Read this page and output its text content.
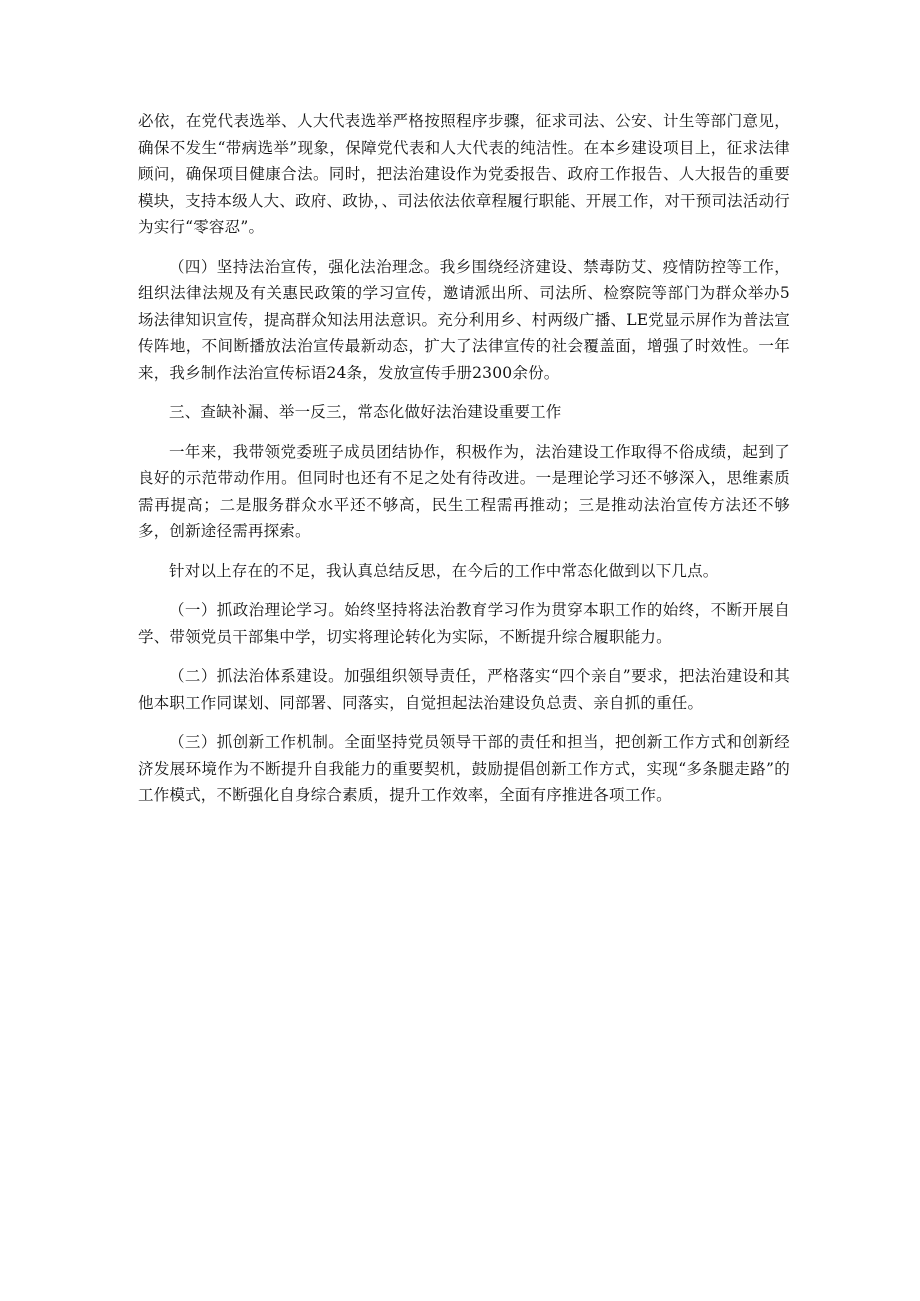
必依，在党代表选举、人大代表选举严格按照程序步骤，征求司法、公安、计生等部门意见，确保不发生“带病选举”现象，保障党代表和人大代表的纯洁性。在本乡建设项目上，征求法律顾问，确保项目健康合法。同时，把法治建设作为党委报告、政府工作报告、人大报告的重要模块，支持本级人大、政府、政协，、司法依法依章程履行职能、开展工作，对干预司法活动行为实行“零容忍”。

（四）坚持法治宣传，强化法治理念。我乡围绕经济建设、禁毒防艾、疫情防控等工作，组织法律法规及有关惠民政策的学习宣传，邀请派出所、司法所、检察院等部门为群众举办5场法律知识宣传，提高群众知法用法意识。充分利用乡、村两级广播、LE党显示屏作为普法宣传阵地，不间断播放法治宣传最新动态，扩大了法律宣传的社会覆盖面，增强了时效性。一年来，我乡制作法治宣传标语24条，发放宣传手册2300余份。

三、查缺补漏、举一反三，常态化做好法治建设重要工作

一年来，我带领党委班子成员团结协作，积极作为，法治建设工作取得不俗成绩，起到了良好的示范带动作用。但同时也还有不足之处有待改进。一是理论学习还不够深入，思维素质需再提高；二是服务群众水平还不够高，民生工程需再推动；三是推动法治宣传方法还不够多，创新途径需再探索。

针对以上存在的不足，我认真总结反思，在今后的工作中常态化做到以下几点。

（一）抓政治理论学习。始终坚持将法治教育学习作为贯穿本职工作的始终，不断开展自学、带领党员干部集中学，切实将理论转化为实际，不断提升综合履职能力。

（二）抓法治体系建设。加强组织领导责任，严格落实“四个亲自”要求，把法治建设和其他本职工作同谋划、同部署、同落实，自觉担起法治建设负总责、亲自抓的重任。

（三）抓创新工作机制。全面坚持党员领导干部的责任和担当，把创新工作方式和创新经济发展环境作为不断提升自我能力的重要契机，鼓励提倡创新工作方式，实现“多条腿走路”的工作模式，不断强化自身综合素质，提升工作效率，全面有序推进各项工作。
